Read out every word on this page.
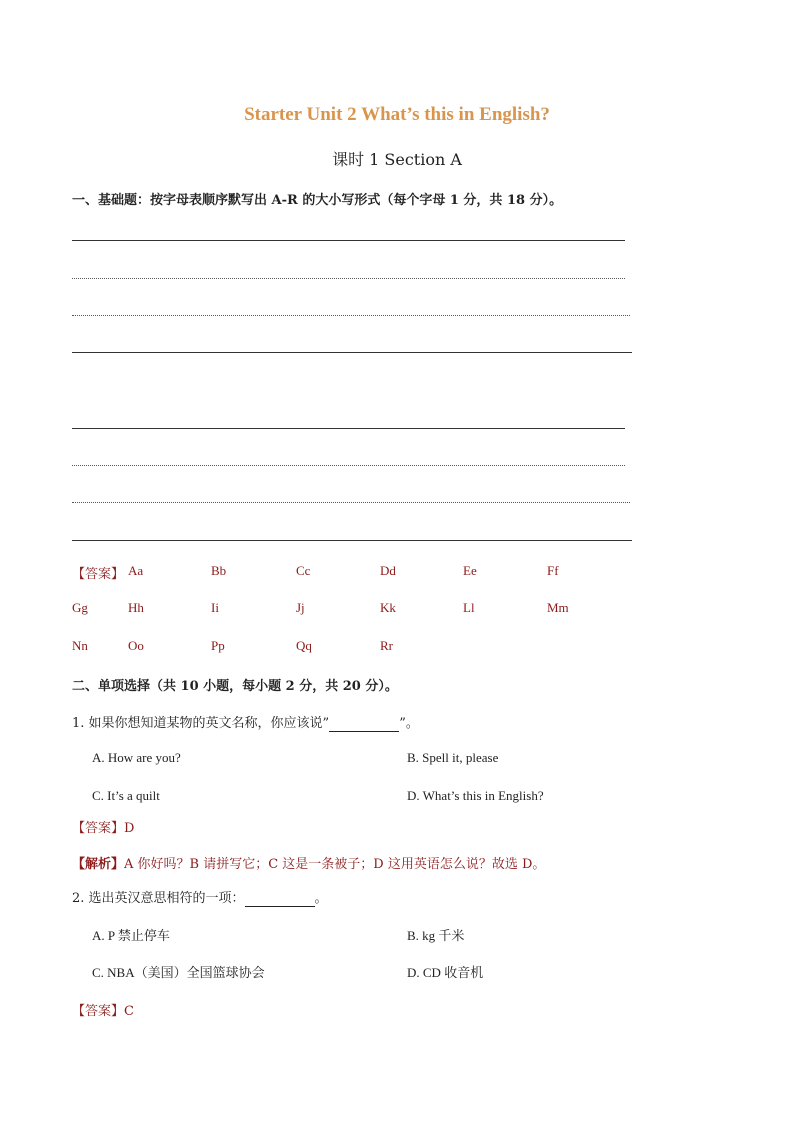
Starter Unit 2 What’s this in English?
课时 1 Section A
一、基础题：按字母表顺序默写出 A-R 的大小写形式（每个字母 1 分，共 18 分）。
【答案】 Aa	Bb	Cc	Dd	Ee	Ff
Gg	Hh	Ii	Jj	Kk	Ll	Mm
Nn	Oo	Pp	Qq	Rr
二、单项选择（共 10 小题，每小题 2 分，共 20 分）。
1. 如果你想知道某物的英文名称，你应该说”	”。
A. How are you?	B. Spell it, please
C. It’s a quilt	D. What’s this in English?
【答案】D
【解析】A 你好吗？B 请拼写它；C 这是一条被子；D 这用英语怎么说？故选 D。
2. 选出英汉意思相符的一项：	。
A. P 禁止停车	B. kg 千米
C. NBA（美国）全国篮球协会	D. CD 收音机
【答案】C
